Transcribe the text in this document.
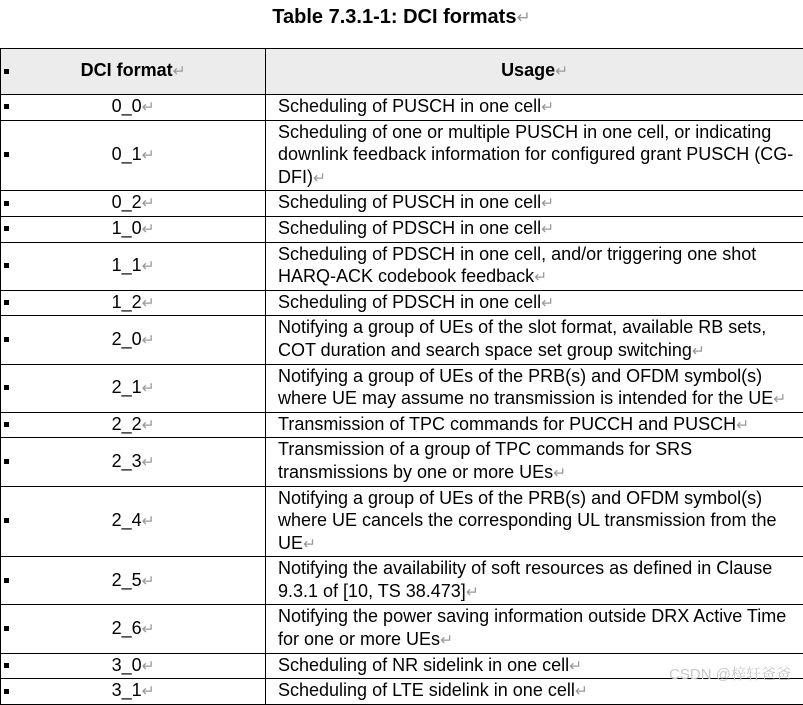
Table 7.3.1-1: DCI formats↵
DCI format↵	Usage↵

0_0↵	Scheduling of PUSCH in one cell↵

0_1↵	Scheduling of one or multiple PUSCH in one cell, or indicating downlink feedback information for configured grant PUSCH (CG-DFI)↵

0_2↵	Scheduling of PUSCH in one cell↵

1_0↵	Scheduling of PDSCH in one cell↵

1_1↵	Scheduling of PDSCH in one cell, and/or triggering one shot HARQ-ACK codebook feedback↵

1_2↵	Scheduling of PDSCH in one cell↵

2_0↵	Notifying a group of UEs of the slot format, available RB sets, COT duration and search space set group switching↵

2_1↵	Notifying a group of UEs of the PRB(s) and OFDM symbol(s) where UE may assume no transmission is intended for the UE↵

2_2↵	Transmission of TPC commands for PUCCH and PUSCH↵

2_3↵	Transmission of a group of TPC commands for SRS transmissions by one or more UEs↵

2_4↵	Notifying a group of UEs of the PRB(s) and OFDM symbol(s) where UE cancels the corresponding UL transmission from the UE↵

2_5↵	Notifying the availability of soft resources as defined in Clause 9.3.1 of [10, TS 38.473]↵

2_6↵	Notifying the power saving information outside DRX Active Time for one or more UEs↵

3_0↵	Scheduling of NR sidelink in one cell↵

3_1↵	Scheduling of LTE sidelink in one cell↵
CSDN @梓轩爸爸
